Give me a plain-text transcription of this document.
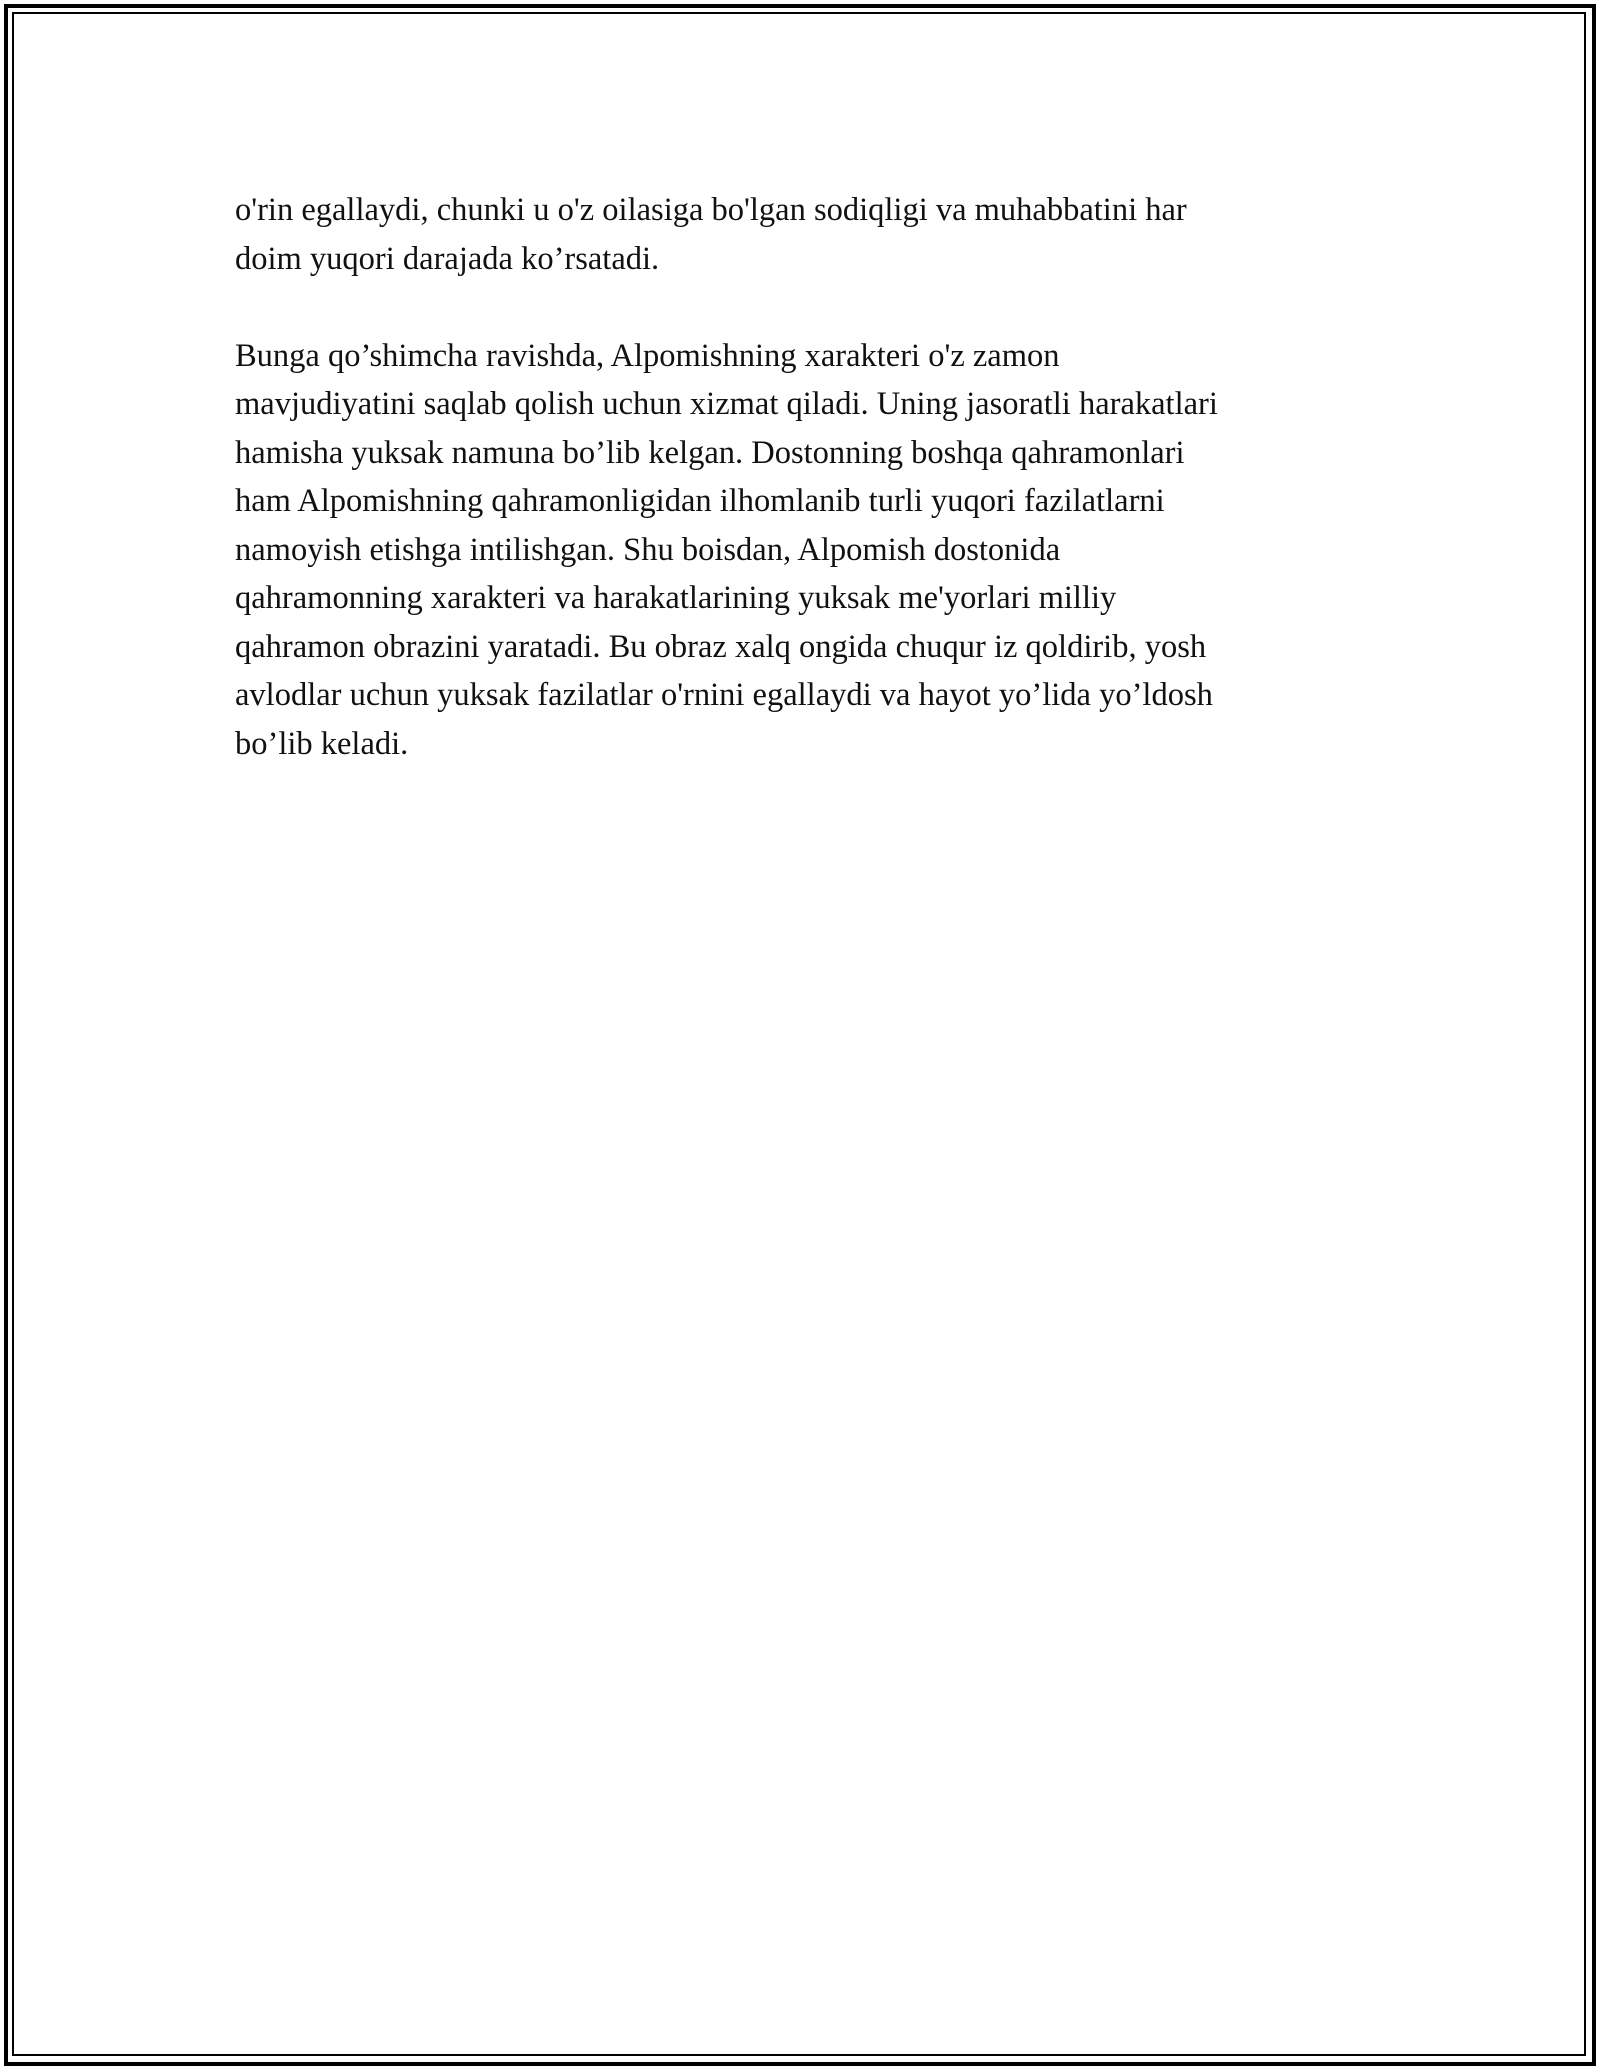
o'rin egallaydi, chunki u o'z oilasiga bo'lgan sodiqligi va muhabbatini har
doim yuqori darajada ko’rsatadi.

Bunga qo’shimcha ravishda, Alpomishning xarakteri o'z zamon
mavjudiyatini saqlab qolish uchun xizmat qiladi. Uning jasoratli harakatlari
hamisha yuksak namuna bo’lib kelgan. Dostonning boshqa qahramonlari
ham Alpomishning qahramonligidan ilhomlanib turli yuqori fazilatlarni
namoyish etishga intilishgan. Shu boisdan, Alpomish dostonida
qahramonning xarakteri va harakatlarining yuksak me'yorlari milliy
qahramon obrazini yaratadi. Bu obraz xalq ongida chuqur iz qoldirib, yosh
avlodlar uchun yuksak fazilatlar o'rnini egallaydi va hayot yo’lida yo’ldosh
bo’lib keladi.
